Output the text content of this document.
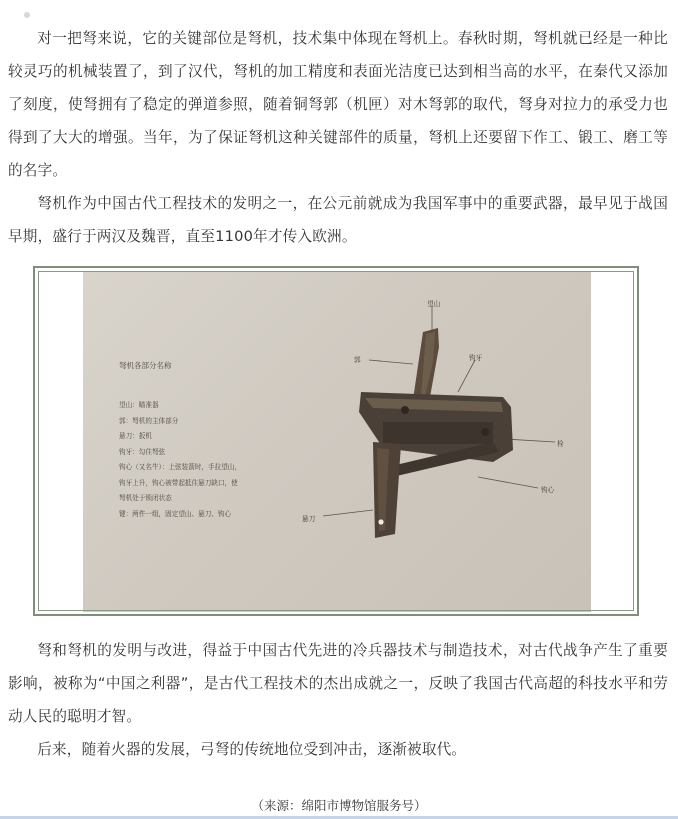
对一把弩来说，它的关键部位是弩机，技术集中体现在弩机上。春秋时期，弩机就已经是一种比较灵巧的机械装置了，到了汉代，弩机的加工精度和表面光洁度已达到相当高的水平，在秦代又添加了刻度，使弩拥有了稳定的弹道参照，随着铜弩郭（机匣）对木弩郭的取代，弩身对拉力的承受力也得到了大大的增强。当年，为了保证弩机这种关键部件的质量，弩机上还要留下作工、锻工、磨工等的名字。

弩机作为中国古代工程技术的发明之一，在公元前就成为我国军事中的重要武器，最早见于战国早期，盛行于两汉及魏晋，直至1100年才传入欧洲。

弩机各部分名称
望山：瞄准器
郭：弩机的主体部分
悬刀：扳机
钩牙：勾住弩弦
钩心（又名牛）：上弦装箭时，手拉望山，
钩牙上升，钩心被带起抵住悬刀缺口，使
弩机处于锁闭状态
键：两件一组，固定望山、悬刀、钩心
望山
郭	钩牙
栓
钩心
悬刀

弩和弩机的发明与改进，得益于中国古代先进的冷兵器技术与制造技术，对古代战争产生了重要影响，被称为“中国之利器”，是古代工程技术的杰出成就之一，反映了我国古代高超的科技水平和劳动人民的聪明才智。

后来，随着火器的发展，弓弩的传统地位受到冲击，逐渐被取代。

（来源：绵阳市博物馆服务号）
